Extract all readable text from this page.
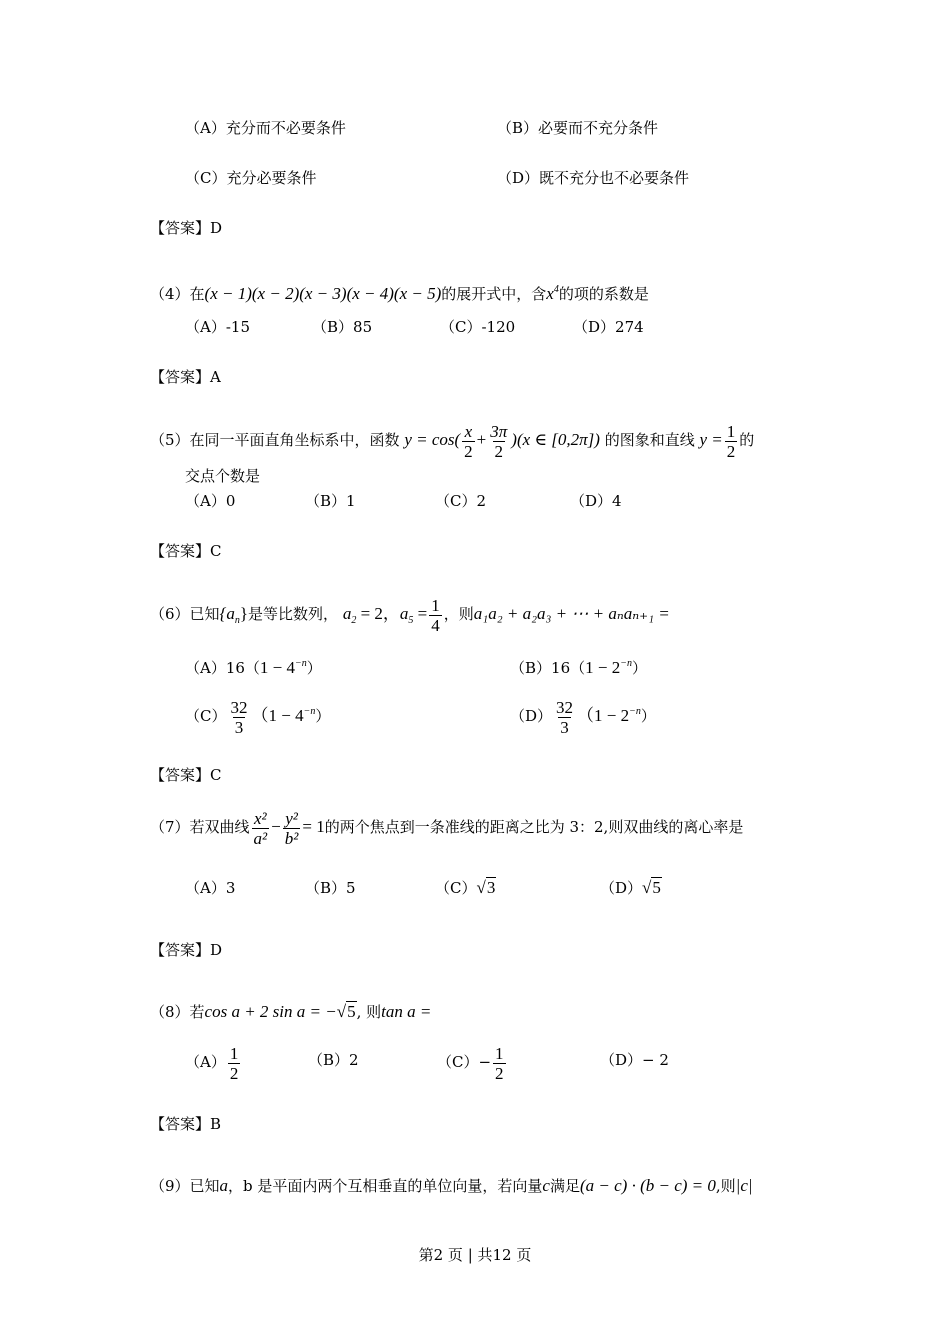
（A）充分而不必要条件	（B）必要而不充分条件
（C）充分必要条件	（D）既不充分也不必要条件
【答案】D
（4）在(x − 1)(x − 2)(x − 3)(x − 4)(x − 5)的展开式中，含$x^4$的项的系数是
（A）-15	（B）85	（C）-120	（D）274
【答案】A
（5）在同一平面直角坐标系中，函数 $y = \cos( \frac{x}{2} + \frac{3\pi}{2} )(x$ ∈ [0,2π]) 的图象和直线 $y = \frac{1}{2}$ 的
交点个数是
（A）0	（B）1	（C）2	（D）4
【答案】C
（6）已知$\{a_n\}$是等比数列， $a_2 = 2$，$a_5 = \frac{1}{4}$ ，则a₁a₂ + a₂a₃ + ⋯ + aₙaₙ₊₁ =
$(A)16(1 - 4^{-n})$	$(B)16(1 - 2^{-n})$
$(C) \frac{32}{3} (1 - 4^{-n})$	$(D) \frac{32}{3} (1 - 2^{-n})$
【答案】C
（7）若双曲线 $\frac{\text{x²}}{\text{a²}} - \frac{\text{y²}}{\text{b²}} = 1$的两个焦点到一条准线的距离之比为 3：2,则双曲线的离心率是
（A）3	（B）5	（C）√3	（D）√5
【答案】D
（8）若cos a + 2 sin a = −√5, 则tan a =
$(A) \frac{1}{2}$	（B）2	$(C)- \frac{1}{2}$	（D）− 2
【答案】B
（9）已知a，b 是平面内两个互相垂直的单位向量，若向量c满足(a − c) · (b − c) = 0,则|c|
第2 页 | 共12 页
